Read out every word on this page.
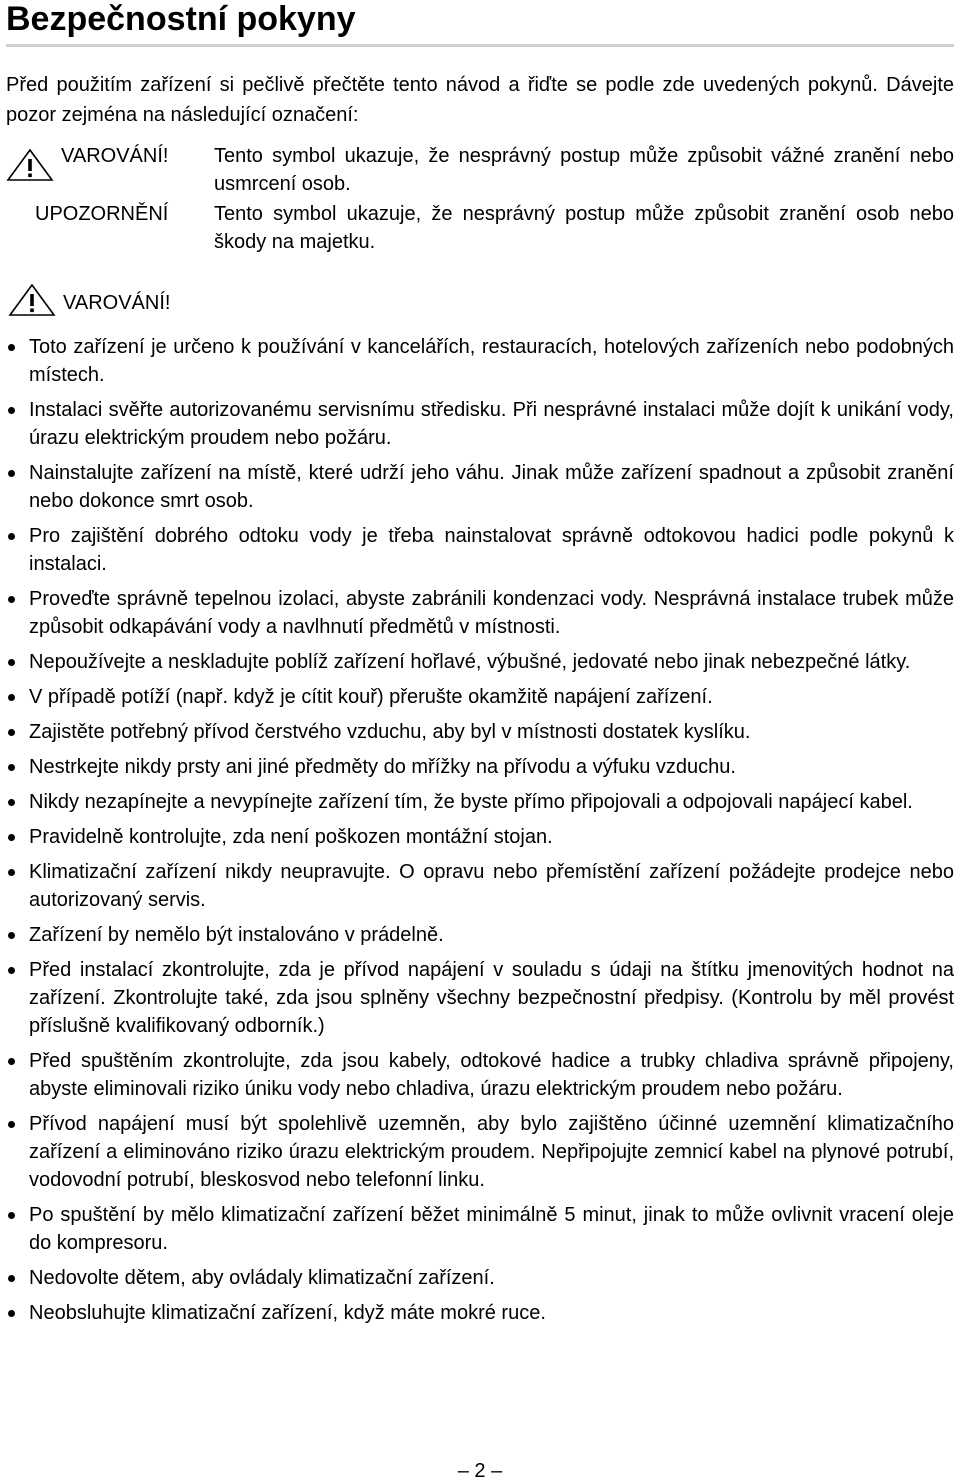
Bezpečnostní pokyny

Před použitím zařízení si pečlivě přečtěte tento návod a řiďte se podle zde uvedených pokynů. Dávejte pozor zejména na následující označení:

VAROVÁNÍ! Tento symbol ukazuje, že nesprávný postup může způsobit vážné zranění nebo usmrcení osob.

UPOZORNĚNÍ Tento symbol ukazuje, že nesprávný postup může způsobit zranění osob nebo škody na majetku.

VAROVÁNÍ!
Toto zařízení je určeno k používání v kancelářích, restauracích, hotelových zařízeních nebo podobných místech.
Instalaci svěřte autorizovanému servisnímu středisku. Při nesprávné instalaci může dojít k unikání vody, úrazu elektrickým proudem nebo požáru.
Nainstalujte zařízení na místě, které udrží jeho váhu. Jinak může zařízení spadnout a způsobit zranění nebo dokonce smrt osob.
Pro zajištění dobrého odtoku vody je třeba nainstalovat správně odtokovou hadici podle pokynů k instalaci.
Proveďte správně tepelnou izolaci, abyste zabránili kondenzaci vody. Nesprávná instalace trubek může způsobit odkapávání vody a navlhnutí předmětů v místnosti.
Nepoužívejte a neskladujte poblíž zařízení hořlavé, výbušné, jedovaté nebo jinak nebezpečné látky.
V případě potíží (např. když je cítit kouř) přerušte okamžitě napájení zařízení.
Zajistěte potřebný přívod čerstvého vzduchu, aby byl v místnosti dostatek kyslíku.
Nestrkejte nikdy prsty ani jiné předměty do mřížky na přívodu a výfuku vzduchu.
Nikdy nezapínejte a nevypínejte zařízení tím, že byste přímo připojovali a odpojovali napájecí kabel.
Pravidelně kontrolujte, zda není poškozen montážní stojan.
Klimatizační zařízení nikdy neupravujte. O opravu nebo přemístění zařízení požádejte prodejce nebo autorizovaný servis.
Zařízení by nemělo být instalováno v prádelně.
Před instalací zkontrolujte, zda je přívod napájení v souladu s údaji na štítku jmenovitých hodnot na zařízení. Zkontrolujte také, zda jsou splněny všechny bezpečnostní předpisy. (Kontrolu by měl provést příslušně kvalifikovaný odborník.)
Před spuštěním zkontrolujte, zda jsou kabely, odtokové hadice a trubky chladiva správně připojeny, abyste eliminovali riziko úniku vody nebo chladiva, úrazu elektrickým proudem nebo požáru.
Přívod napájení musí být spolehlivě uzemněn, aby bylo zajištěno účinné uzemnění klimatizačního zařízení a eliminováno riziko úrazu elektrickým proudem. Nepřipojujte zemnicí kabel na plynové potrubí, vodovodní potrubí, bleskosvod nebo telefonní linku.
Po spuštění by mělo klimatizační zařízení běžet minimálně 5 minut, jinak to může ovlivnit vracení oleje do kompresoru.
Nedovolte dětem, aby ovládaly klimatizační zařízení.
Neobsluhujte klimatizační zařízení, když máte mokré ruce.
– 2 –
